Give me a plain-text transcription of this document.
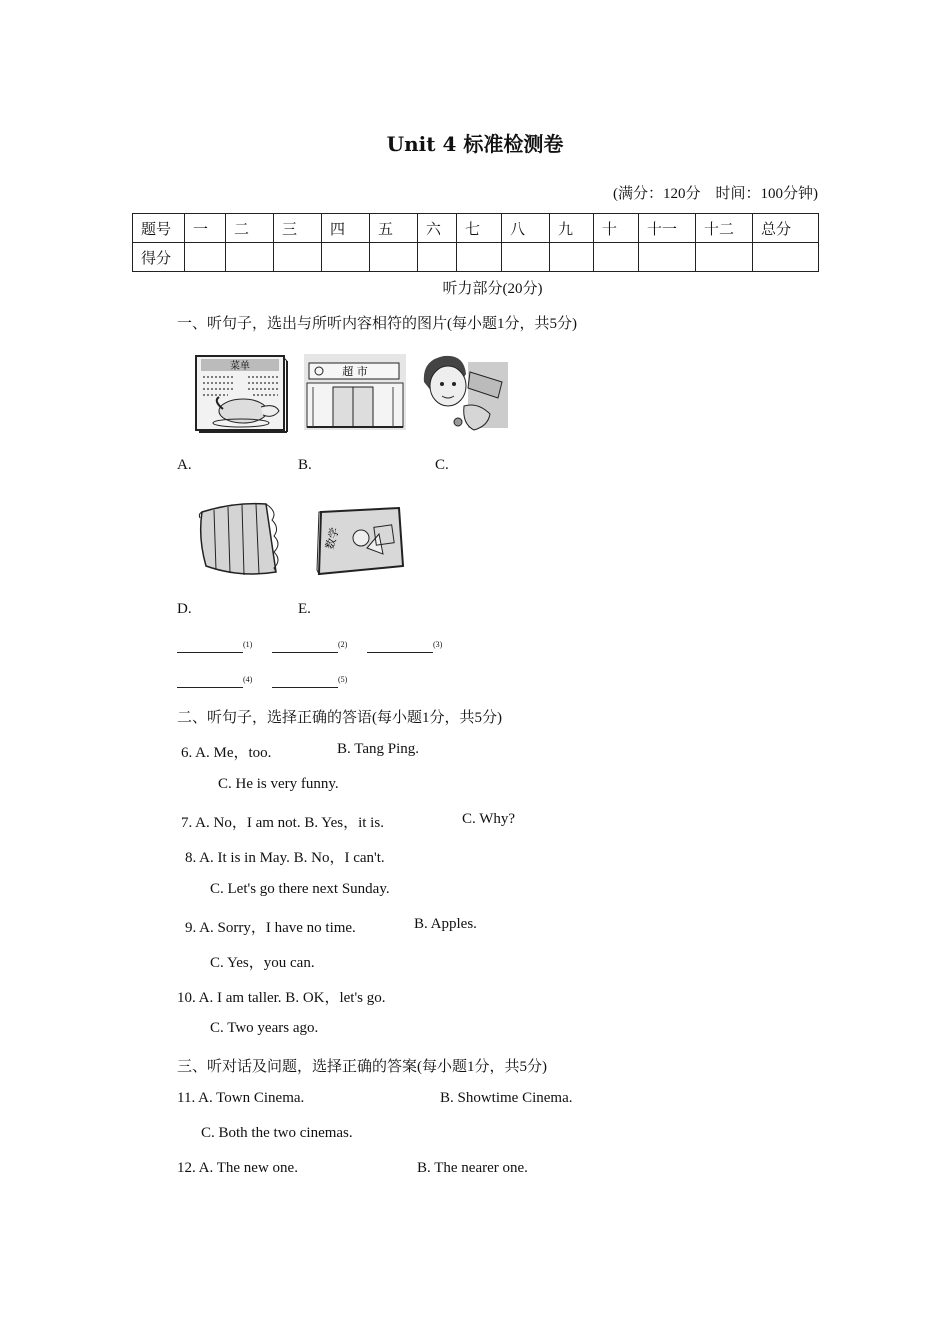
Unit 4 标准检测卷
(满分：120分　时间：100分钟)
题号	一	二	三	四	五	六	七	八	九	十	十一	十二	总分
得分													
听力部分(20分)
一、听句子，选出与所听内容相符的图片(每小题1分，共5分)
菜单	超 市
A.	B.	C.
数学
D.	E.
$^{(1)}$	$^{(2)}$	$^{(3)}$
$^{(4)}$	$^{(5)}$
二、听句子，选择正确的答语(每小题1分，共5分)
6. A. Me，too.	B. Tang Ping.
C. He is very funny.
7. A. No，I am not. B. Yes，it is.	C. Why?
8. A. It is in May. B. No，I can't.
C. Let's go there next Sunday.
9. A. Sorry，I have no time.	B. Apples.
C. Yes，you can.
10. A. I am taller. B. OK，let's go.
C. Two years ago.
三、听对话及问题，选择正确的答案(每小题1分，共5分)
11. A. Town Cinema.	B. Showtime Cinema.
C. Both the two cinemas.
12. A. The new one.	B. The nearer one.
